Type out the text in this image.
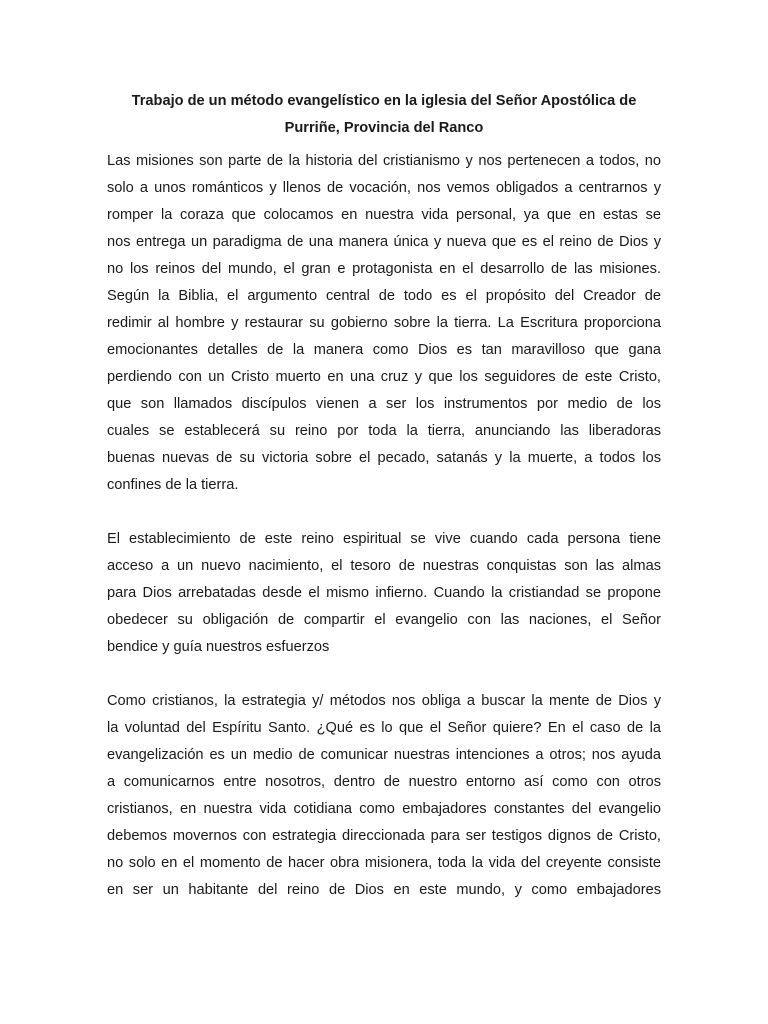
Trabajo de un método evangelístico en la iglesia del Señor Apostólica de
Purriñe, Provincia del Ranco
Las misiones son parte de la historia del cristianismo y nos pertenecen a todos, no
solo a unos románticos y llenos de vocación, nos vemos obligados a centrarnos y
romper la coraza que colocamos en nuestra vida personal, ya que en estas se
nos entrega un paradigma de una manera única y nueva que es el reino de Dios y
no los reinos del mundo, el gran e protagonista en el desarrollo de las misiones.
Según la Biblia, el argumento central de todo es el propósito del Creador de
redimir al hombre y restaurar su gobierno sobre la tierra. La Escritura proporciona
emocionantes detalles de la manera como Dios es tan maravilloso que gana
perdiendo con un Cristo muerto en una cruz y que los seguidores de este Cristo,
que son llamados discípulos vienen a ser los instrumentos por medio de los
cuales se establecerá su reino por toda la tierra, anunciando las liberadoras
buenas nuevas de su victoria sobre el pecado, satanás y la muerte, a todos los
confines de la tierra.
El establecimiento de este reino espiritual se vive cuando cada persona tiene
acceso a un nuevo nacimiento, el tesoro de nuestras conquistas son las almas
para Dios arrebatadas desde el mismo infierno. Cuando la cristiandad se propone
obedecer su obligación de compartir el evangelio con las naciones, el Señor
bendice y guía nuestros esfuerzos
Como cristianos, la estrategia y/ métodos nos obliga a buscar la mente de Dios y
la voluntad del Espíritu Santo. ¿Qué es lo que el Señor quiere? En el caso de la
evangelización es un medio de comunicar nuestras intenciones a otros; nos ayuda
a comunicarnos entre nosotros, dentro de nuestro entorno así como con otros
cristianos, en nuestra vida cotidiana como embajadores constantes del evangelio
debemos movernos con estrategia direccionada para ser testigos dignos de Cristo,
no solo en el momento de hacer obra misionera, toda la vida del creyente consiste
en ser un habitante del reino de Dios en este mundo, y como embajadores
